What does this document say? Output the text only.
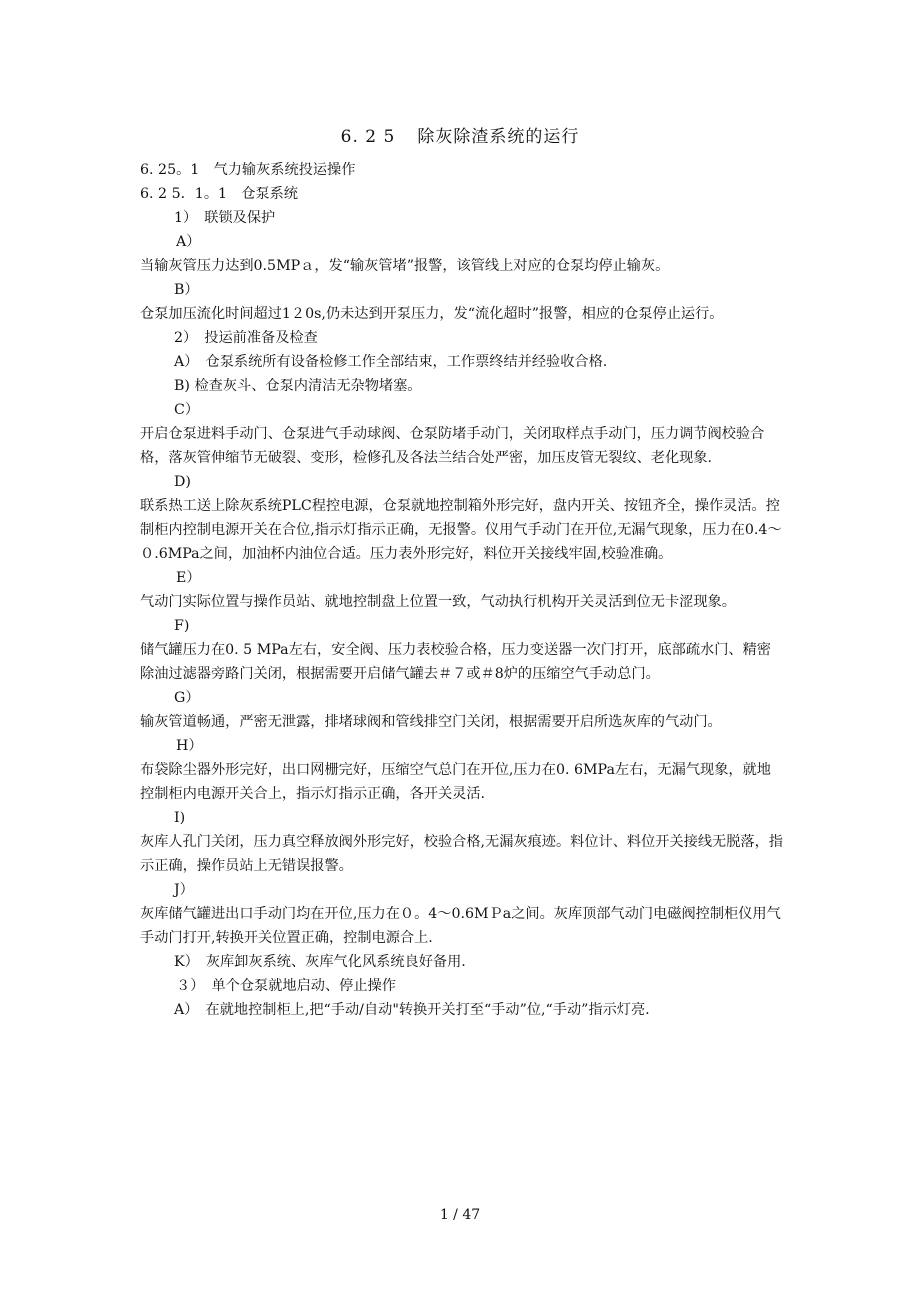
6. 2 5 除灰除渣系统的运行

6. 25。1　气力输灰系统投运操作

6. 2 5．1。1　仓泵系统

1）　联锁及保护

A）

当输灰管压力达到0.5MPａ，发“输灰管堵”报警，该管线上对应的仓泵均停止输灰。

B）

仓泵加压流化时间超过1２0s,仍未达到开泵压力，发“流化超时”报警，相应的仓泵停止运行。

2）　投运前准备及检查

A）　仓泵系统所有设备检修工作全部结束，工作票终结并经验收合格.

B) 检查灰斗、仓泵内清洁无杂物堵塞。

C）

开启仓泵进料手动门、仓泵进气手动球阀、仓泵防堵手动门，关闭取样点手动门，压力调节阀校验合格，落灰管伸缩节无破裂、变形，检修孔及各法兰结合处严密，加压皮管无裂纹、老化现象.

D)

联系热工送上除灰系统PLC程控电源，仓泵就地控制箱外形完好，盘内开关、按钮齐全，操作灵活。控制柜内控制电源开关在合位,指示灯指示正确，无报警。仪用气手动门在开位,无漏气现象，压力在0.4～０.6MPa之间，加油杯内油位合适。压力表外形完好，料位开关接线牢固,校验准确。

E）

气动门实际位置与操作员站、就地控制盘上位置一致，气动执行机构开关灵活到位无卡涩现象。

F)

储气罐压力在0. 5 MPa左右，安全阀、压力表校验合格，压力变送器一次门打开，底部疏水门、精密除油过滤器旁路门关闭，根据需要开启储气罐去＃７或＃8炉的压缩空气手动总门。

G）

输灰管道畅通，严密无泄露，排堵球阀和管线排空门关闭，根据需要开启所选灰库的气动门。

H）

布袋除尘器外形完好，出口网栅完好，压缩空气总门在开位,压力在0. 6MPa左右，无漏气现象，就地控制柜内电源开关合上，指示灯指示正确，各开关灵活.

I)

灰库人孔门关闭，压力真空释放阀外形完好，校验合格,无漏灰痕迹。料位计、料位开关接线无脱落，指示正确，操作员站上无错误报警。

J）

灰库储气罐进出口手动门均在开位,压力在０。4～0.6MＰa之间。灰库顶部气动门电磁阀控制柜仪用气手动门打开,转换开关位置正确，控制电源合上.

K）　灰库卸灰系统、灰库气化风系统良好备用.

３）　单个仓泵就地启动、停止操作

A）　在就地控制柜上,把“手动/自动"转换开关打至“手动”位,“手动”指示灯亮.

1 / 47
